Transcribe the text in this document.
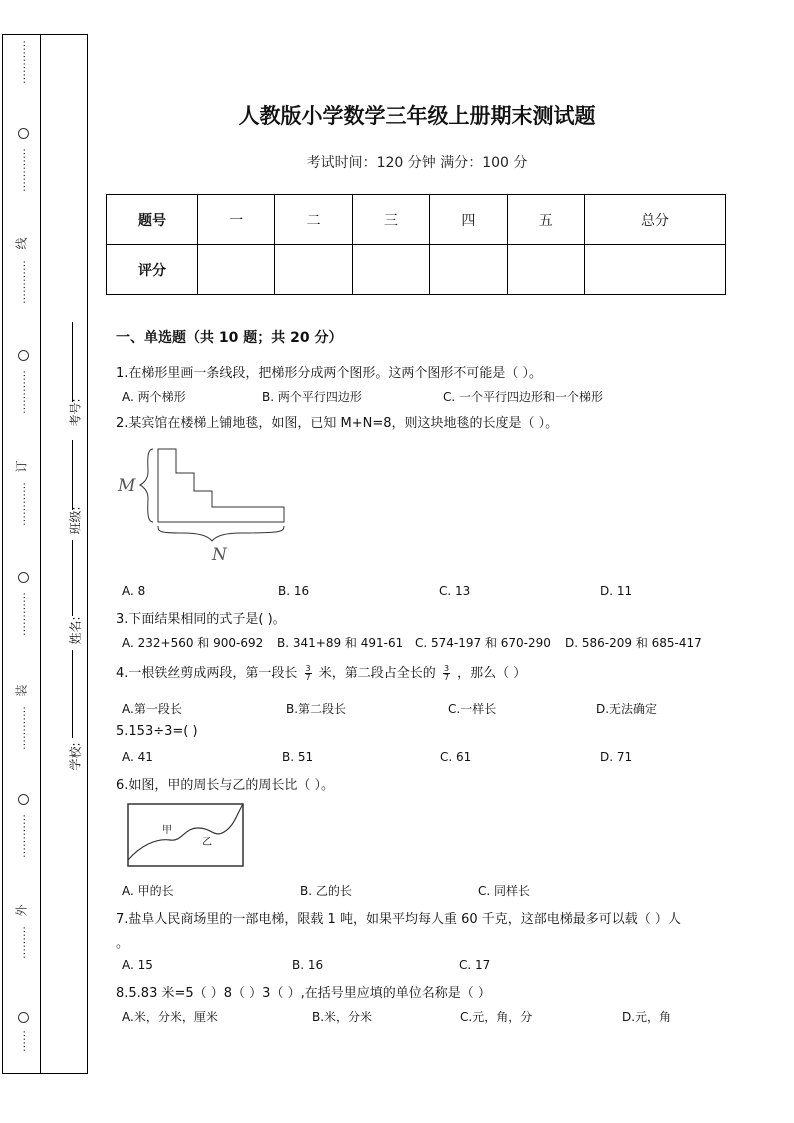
⋯⋯⋯⋯
⋯⋯⋯⋯
线
⋯⋯⋯⋯
⋯⋯⋯⋯
订
⋯⋯⋯⋯
⋯⋯⋯⋯
装
⋯⋯⋯⋯
⋯⋯⋯⋯
外
⋯⋯⋯
⋯⋯
考号:
班级:
姓名:
学校:
人教版小学数学三年级上册期末测试题
考试时间：120 分钟 满分：100 分
题号	一	二	三	四	五	总分
评分						
一、单选题（共 10 题；共 20 分）
1.在梯形里画一条线段，把梯形分成两个图形。这两个图形不可能是（ ）。
A. 两个梯形	B. 两个平行四边形	C. 一个平行四边形和一个梯形
2.某宾馆在楼梯上铺地毯，如图，已知 M+N=8，则这块地毯的长度是（ ）。
M
N
A. 8	B. 16	C. 13	D. 11
3.下面结果相同的式子是( )。
A. 232+560 和 900-692 B. 341+89 和 491-61 C. 574-197 和 670-290 D. 586-209 和 685-417
4.一根铁丝剪成两段，第一段长 $\frac{3}{7}$ 米，第二段占全长的 $\frac{3}{7}$ ，那么（ ）
A.第一段长	B.第二段长	C.一样长	D.无法确定
5.153÷3=( )
A. 41	B. 51	C. 61	D. 71
6.如图，甲的周长与乙的周长比（ ）。
甲
乙
A. 甲的长	B. 乙的长	C. 同样长
7.盐阜人民商场里的一部电梯，限载 1 吨，如果平均每人重 60 千克，这部电梯最多可以载（ ）人
。
A. 15	B. 16	C. 17
8.5.83 米=5（ ）8（ ）3（ ）,在括号里应填的单位名称是（ ）
A.米，分米，厘米	B.米，分米	C.元，角，分	D.元，角
